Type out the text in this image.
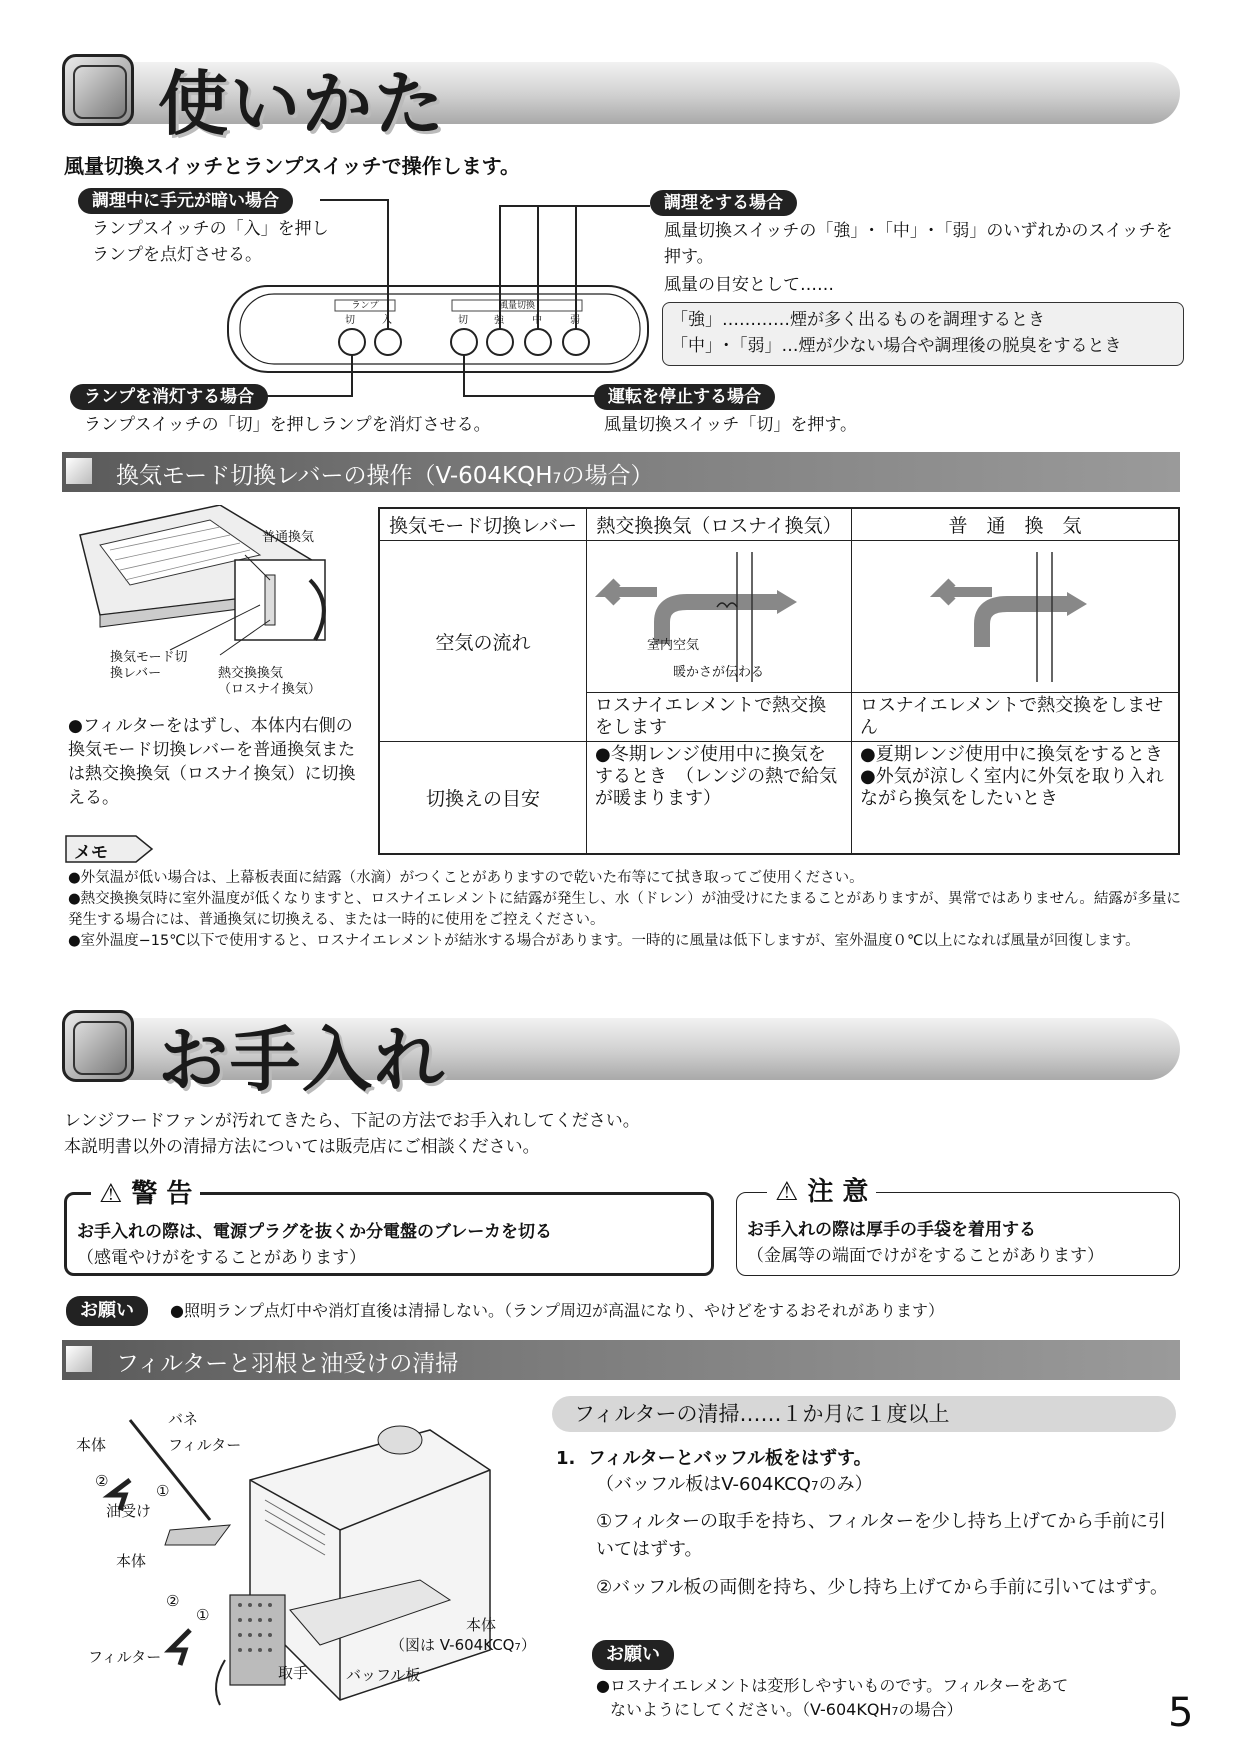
使いかた
風量切換スイッチとランプスイッチで操作します。
調理中に手元が暗い場合
ランプスイッチの「入」を押しランプを点灯させる。
調理をする場合
風量切換スイッチの「強」･「中」･「弱」のいずれかのスイッチを押す。
風量の目安として……
「強」…………煙が多く出るものを調理するとき
「中」･「弱」…煙が少ない場合や調理後の脱臭をするとき
ランプ	風量切換
切	入	切	強	中	弱
ランプを消灯する場合
ランプスイッチの「切」を押しランプを消灯させる。
運転を停止する場合
風量切換スイッチ「切」を押す。
換気モード切換レバーの操作（V-604KQH7の場合）
普通換気
換気モード切換レバー	熱交換換気
（ロスナイ換気）
●フィルターをはずし、本体内右側の換気モード切換レバーを普通換気または熱交換換気（ロスナイ換気）に切換える。
換気モード切換レバー	熱交換換気（ロスナイ換気）	普　通　換　気
空気の流れ	室内空気
暖かさが伝わる

	ロスナイエレメントで熱交換をします	ロスナイエレメントで熱交換をしません
切換えの目安	●冬期レンジ使用中に換気をするとき　（レンジの熱で給気が暖まります）	●夏期レンジ使用中に換気をするとき
●外気が涼しく室内に外気を取り入れながら換気をしたいとき
メモ
●外気温が低い場合は、上幕板表面に結露（水滴）がつくことがありますので乾いた布等にて拭き取ってご使用ください。
●熱交換換気時に室外温度が低くなりますと、ロスナイエレメントに結露が発生し、水（ドレン）が油受けにたまることがありますが、異常ではありません。結露が多量に発生する場合には、普通換気に切換える、または一時的に使用をご控えください。
●室外温度−15℃以下で使用すると、ロスナイエレメントが結氷する場合があります。一時的に風量は低下しますが、室外温度０℃以上になれば風量が回復します。
お手入れ
レンジフードファンが汚れてきたら、下記の方法でお手入れしてください。
本説明書以外の清掃方法については販売店にご相談ください。
⚠ 警 告
お手入れの際は、電源プラグを抜くか分電盤のブレーカを切る
（感電やけがをすることがあります）
⚠ 注 意
お手入れの際は厚手の手袋を着用する
（金属等の端面でけがをすることがあります）
お願い	●照明ランプ点灯中や消灯直後は清掃しない。（ランプ周辺が高温になり、やけどをするおそれがあります）
フィルターと羽根と油受けの清掃
バネ
本体	フィルター
②
①
油受け
本体
②
①
フィルター
取手	バッフル板
本体
（図は V-604KCQ7）
フィルターの清掃……１か月に１度以上
1. フィルターとバッフル板をはずす。
（バッフル板はV-604KCQ7のみ）
①フィルターの取手を持ち、フィルターを少し持ち上げてから手前に引いてはずす。
②バッフル板の両側を持ち、少し持ち上げてから手前に引いてはずす。
お願い
●ロスナイエレメントは変形しやすいものです。フィルターをあて
ないようにしてください。（V-604KQH7の場合）	5
